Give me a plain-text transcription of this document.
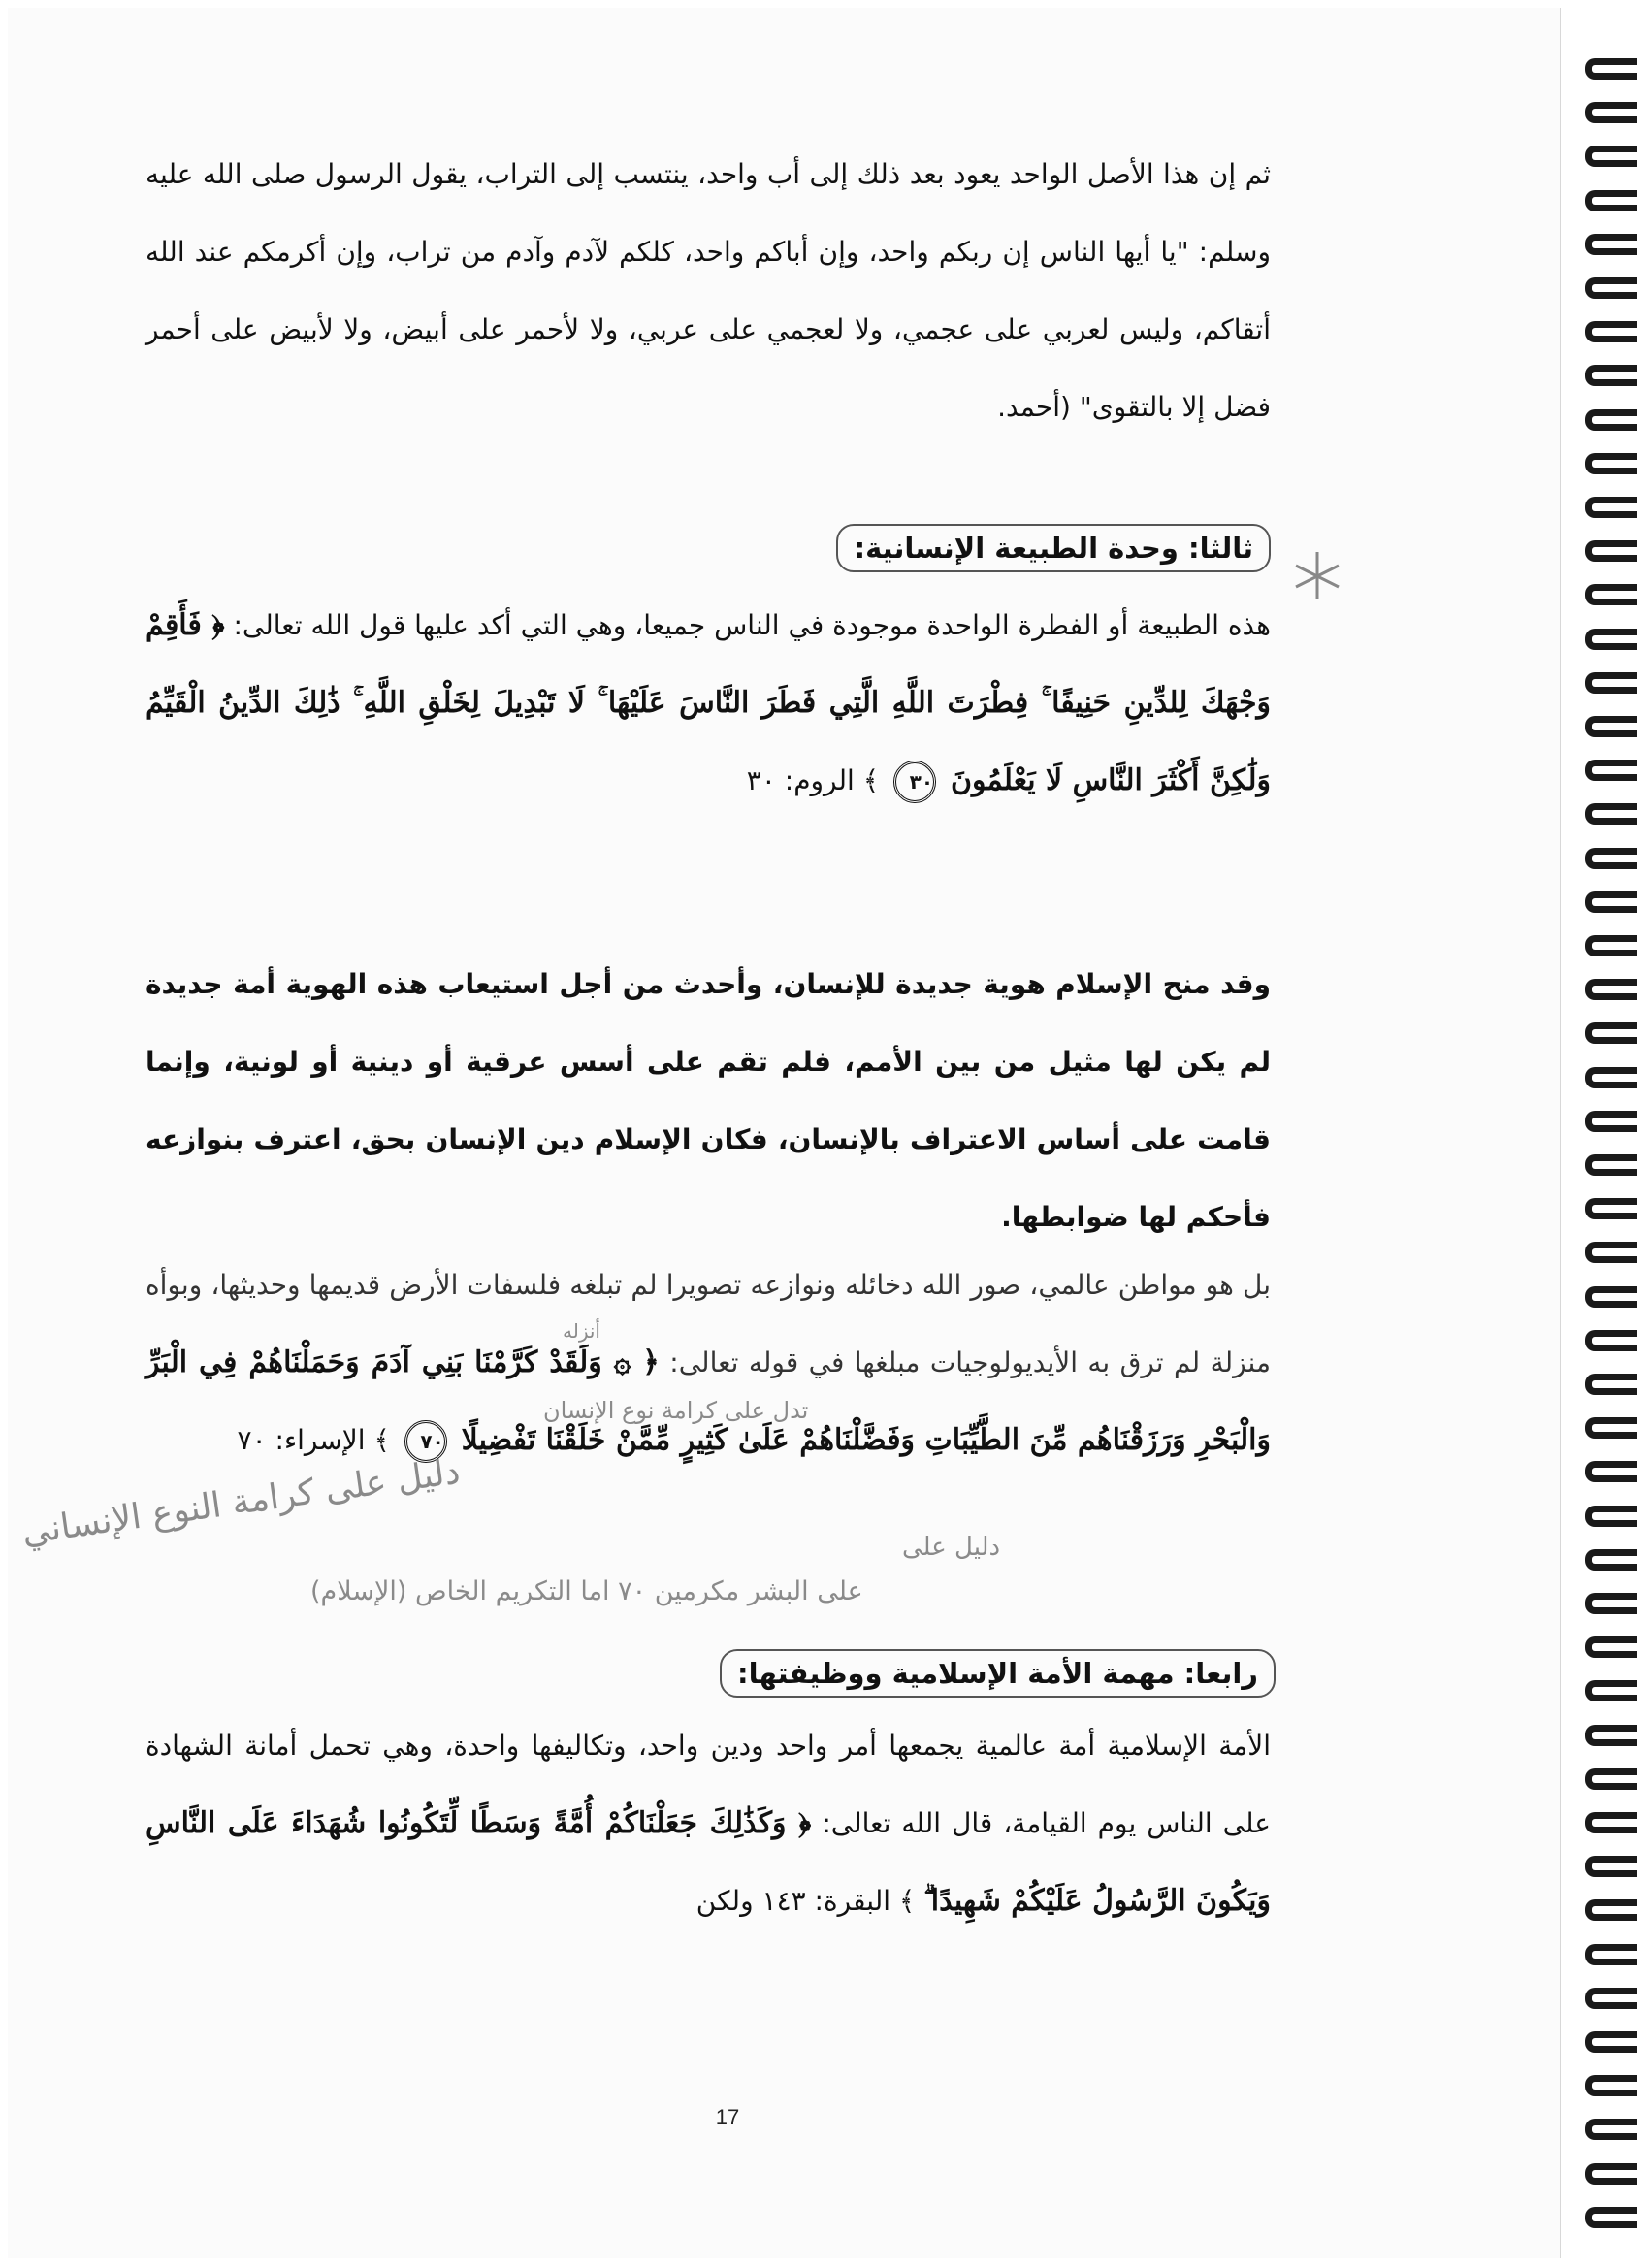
ثم إن هذا الأصل الواحد يعود بعد ذلك إلى أب واحد، ينتسب إلى التراب، يقول الرسول صلى الله عليه وسلم: "يا أيها الناس إن ربكم واحد، وإن أباكم واحد، كلكم لآدم وآدم من تراب، وإن أكرمكم عند الله أتقاكم، وليس لعربي على عجمي، ولا لعجمي على عربي، ولا لأحمر على أبيض، ولا لأبيض على أحمر فضل إلا بالتقوى" (أحمد.
ثالثا: وحدة الطبيعة الإنسانية:
هذه الطبيعة أو الفطرة الواحدة موجودة في الناس جميعا، وهي التي أكد عليها قول الله تعالى: ﴿ فَأَقِمْ وَجْهَكَ لِلدِّينِ حَنِيفًا ۚ فِطْرَتَ اللَّهِ الَّتِي فَطَرَ النَّاسَ عَلَيْهَا ۚ لَا تَبْدِيلَ لِخَلْقِ اللَّهِ ۚ ذَٰلِكَ الدِّينُ الْقَيِّمُ وَلَٰكِنَّ أَكْثَرَ النَّاسِ لَا يَعْلَمُونَ ٣٠ ﴾ الروم: ٣٠
وقد منح الإسلام هوية جديدة للإنسان، وأحدث من أجل استيعاب هذه الهوية أمة جديدة لم يكن لها مثيل من بين الأمم، فلم تقم على أسس عرقية أو دينية أو لونية، وإنما قامت على أساس الاعتراف بالإنسان، فكان الإسلام دين الإنسان بحق، اعترف بنوازعه فأحكم لها ضوابطها.
بل هو مواطن عالمي، صور الله دخائله ونوازعه تصويرا لم تبلغه فلسفات الأرض قديمها وحديثها، وبوأه منزلة لم ترق به الأيديولوجيات مبلغها في قوله تعالى: ﴿ ۞ وَلَقَدْ كَرَّمْنَا بَنِي آدَمَ وَحَمَلْنَاهُمْ فِي الْبَرِّ وَالْبَحْرِ وَرَزَقْنَاهُم مِّنَ الطَّيِّبَاتِ وَفَضَّلْنَاهُمْ عَلَىٰ كَثِيرٍ مِّمَّنْ خَلَقْنَا تَفْضِيلًا ٧٠ ﴾ الإسراء: ٧٠
أنزله
تدل على كرامة نوع الإنسان
دليل على كرامة النوع الإنساني	دليل على
على البشر مكرمين ٧٠ اما التكريم الخاص (الإسلام)
رابعا: مهمة الأمة الإسلامية ووظيفتها:
الأمة الإسلامية أمة عالمية يجمعها أمر واحد ودين واحد، وتكاليفها واحدة، وهي تحمل أمانة الشهادة على الناس يوم القيامة، قال الله تعالى: ﴿ وَكَذَٰلِكَ جَعَلْنَاكُمْ أُمَّةً وَسَطًا لِّتَكُونُوا شُهَدَاءَ عَلَى النَّاسِ وَيَكُونَ الرَّسُولُ عَلَيْكُمْ شَهِيدًا ۗ ﴾ البقرة: ١٤٣ ولكن
17
